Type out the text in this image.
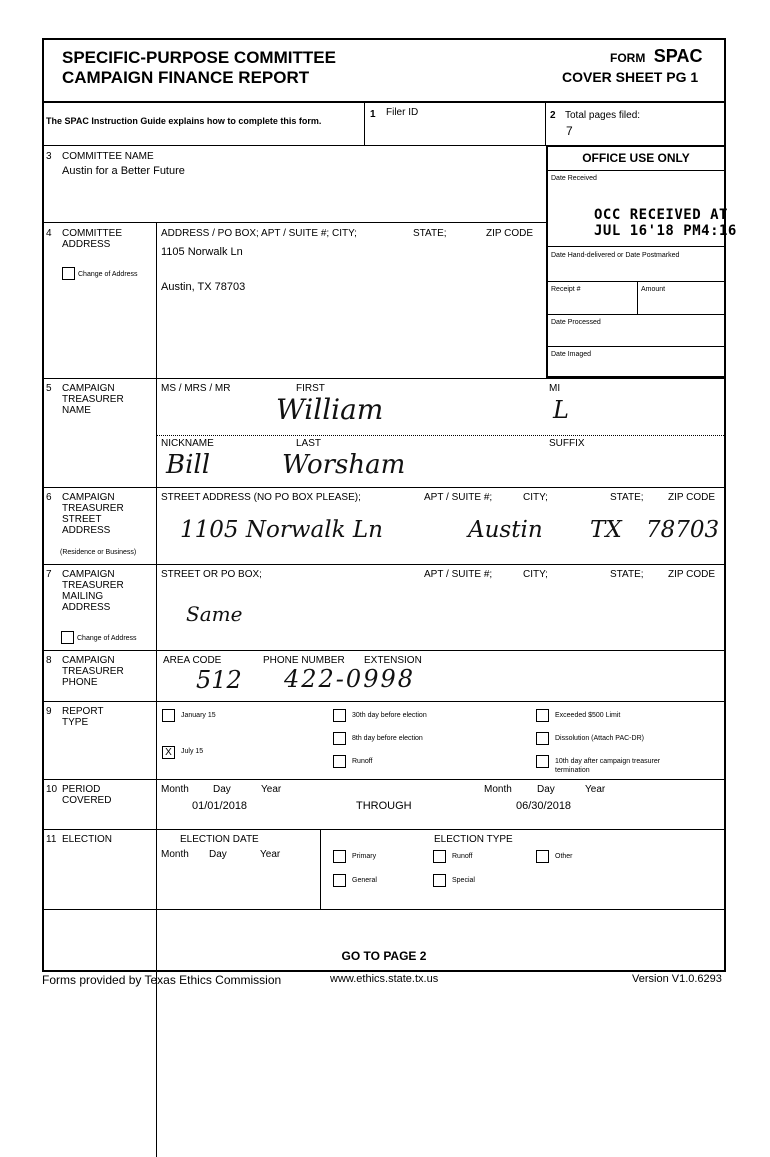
SPECIFIC-PURPOSE COMMITTEE
CAMPAIGN FINANCE REPORT
FORM SPAC
COVER SHEET PG 1
The SPAC Instruction Guide explains how to complete this form.
1 Filer ID	2 Total pages filed:
7
OFFICE USE ONLY
Date Received
OCC RECEIVED AT
JUL 16'18 PM4:16
Date Hand-delivered or Date Postmarked
Receipt #	Amount
Date Processed
Date Imaged
3 COMMITTEE NAME
Austin for a Better Future
4 COMMITTEE
ADDRESS
Change of Address
ADDRESS / PO BOX; APT / SUITE #; CITY;	STATE;	ZIP CODE
1105 Norwalk Ln
Austin, TX 78703
5 CAMPAIGN
TREASURER
NAME
MS / MRS / MR	FIRST	MI
William	L
NICKNAME	LAST	SUFFIX
Bill	Worsham
6 CAMPAIGN
TREASURER
STREET
ADDRESS
(Residence or Business)
STREET ADDRESS (NO PO BOX PLEASE);	APT / SUITE #;	CITY;	STATE; ZIP CODE
1105 Norwalk Ln	Austin TX 78703
7 CAMPAIGN
TREASURER
MAILING
ADDRESS
Change of Address
STREET OR PO BOX;	APT / SUITE #;	CITY;	STATE; ZIP CODE
Same
8 CAMPAIGN
TREASURER
PHONE
AREA CODE	PHONE NUMBER EXTENSION
512 422-0998
9 REPORT
TYPE
January 15
X	July 15
30th day before election
8th day before election
Runoff
Exceeded $500 Limit
Dissolution (Attach PAC-DR)
10th day after campaign treasurer
termination
10 PERIOD
COVERED
Month Day	Year
01/01/2018	THROUGH
Month	Day	Year
06/30/2018
11 ELECTION	ELECTION DATE
Month Day	Year
ELECTION TYPE
Primary	Runoff	Other
General	Special
GO TO PAGE 2
Forms provided by Texas Ethics Commission	www.ethics.state.tx.us	Version V1.0.6293
